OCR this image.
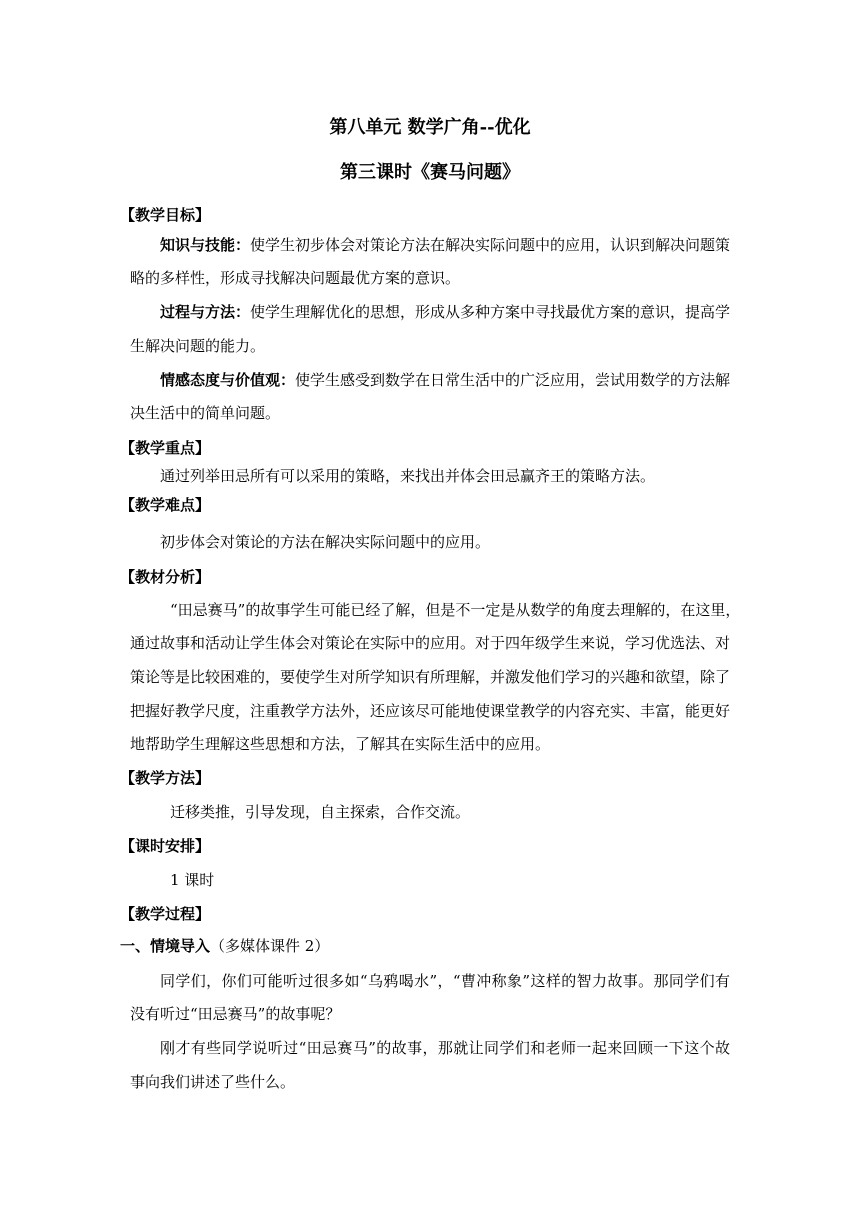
第八单元 数学广角--优化
第三课时《赛马问题》
【教学目标】
知识与技能：使学生初步体会对策论方法在解决实际问题中的应用，认识到解决问题策
略的多样性，形成寻找解决问题最优方案的意识。
过程与方法：使学生理解优化的思想，形成从多种方案中寻找最优方案的意识，提高学
生解决问题的能力。
情感态度与价值观：使学生感受到数学在日常生活中的广泛应用，尝试用数学的方法解
决生活中的简单问题。
【教学重点】
通过列举田忌所有可以采用的策略，来找出并体会田忌赢齐王的策略方法。
【教学难点】
初步体会对策论的方法在解决实际问题中的应用。
【教材分析】
“田忌赛马”的故事学生可能已经了解，但是不一定是从数学的角度去理解的，在这里，
通过故事和活动让学生体会对策论在实际中的应用。对于四年级学生来说，学习优选法、对
策论等是比较困难的，要使学生对所学知识有所理解，并激发他们学习的兴趣和欲望，除了
把握好教学尺度，注重教学方法外，还应该尽可能地使课堂教学的内容充实、丰富，能更好
地帮助学生理解这些思想和方法，了解其在实际生活中的应用。
【教学方法】
迁移类推，引导发现，自主探索，合作交流。
【课时安排】
1 课时
【教学过程】
一、情境导入（多媒体课件 2）
同学们，你们可能听过很多如“乌鸦喝水”，“曹冲称象”这样的智力故事。那同学们有
没有听过“田忌赛马”的故事呢？
刚才有些同学说听过“田忌赛马”的故事，那就让同学们和老师一起来回顾一下这个故
事向我们讲述了些什么。
